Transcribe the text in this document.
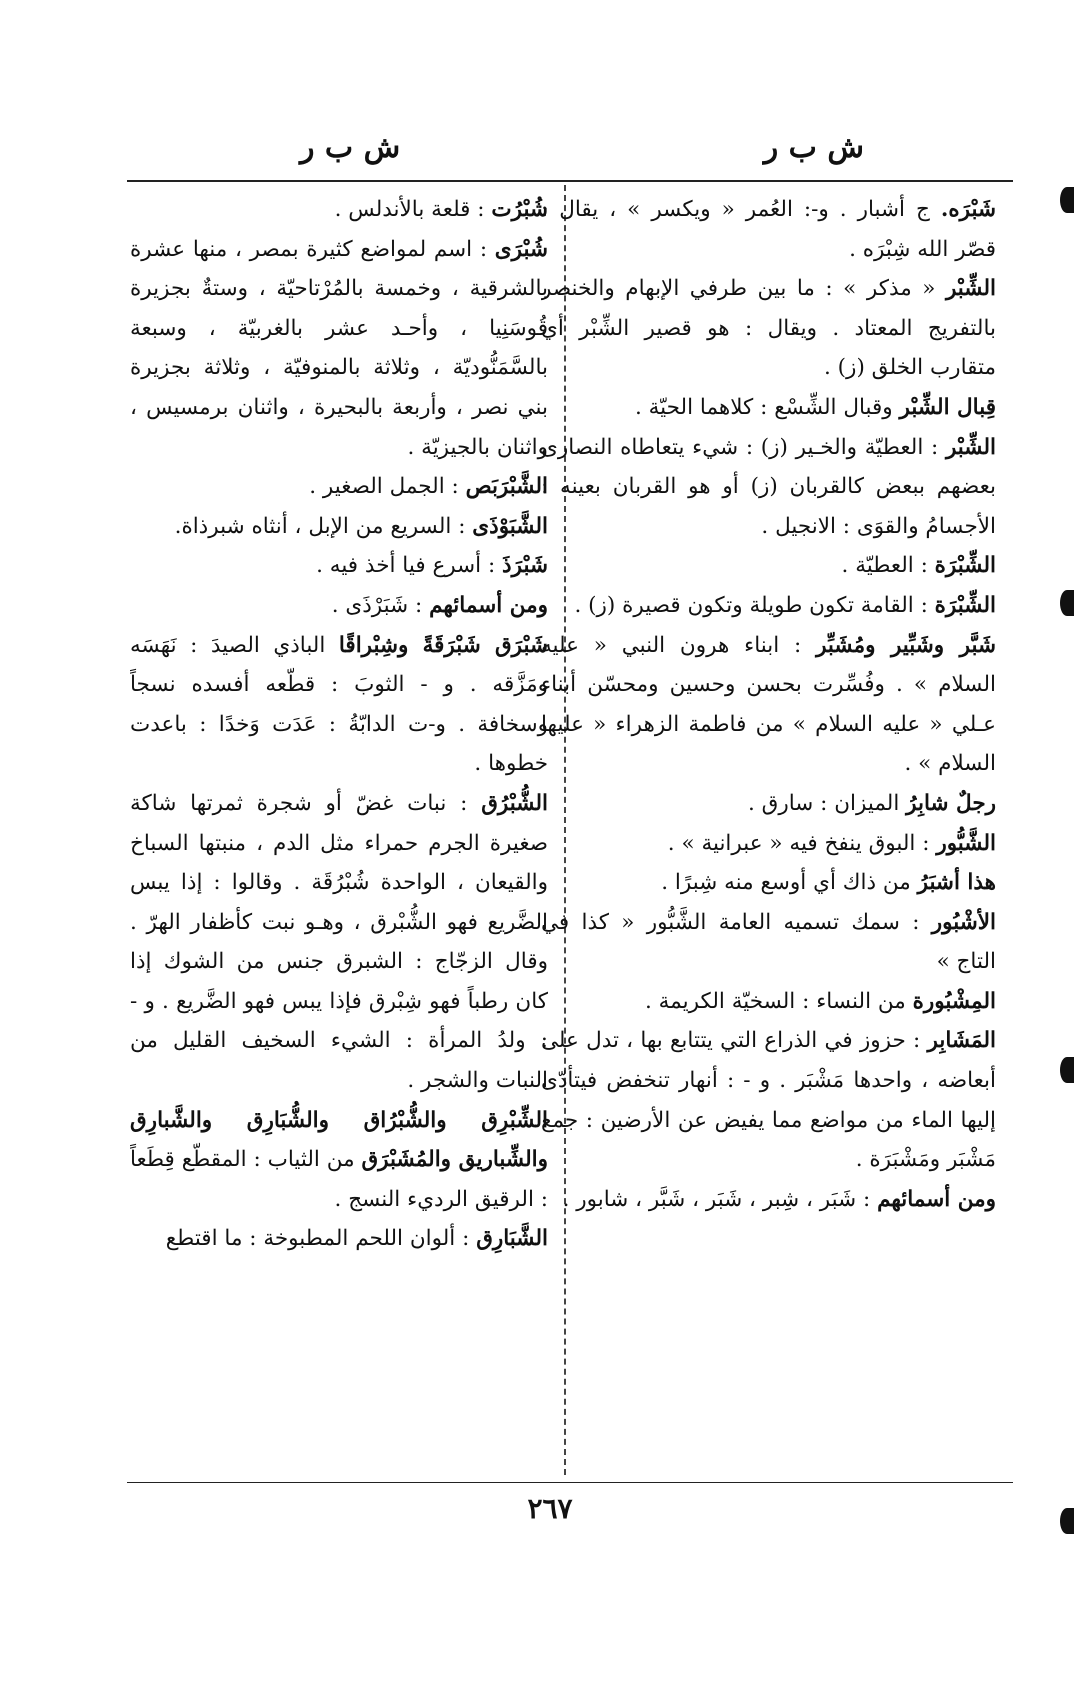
ش ب ر
ش ب ر
شَبْرَه. ج أشبار . و-: العُمر « ويكسر » ، يقال : قصّر الله شِبْرَه .
الشِّبْر « مذكر » : ما بين طرفي الإبهام والخنصر بالتفريج المعتاد . ويقال : هو قصير الشِّبْر أي متقارب الخلق (ز) .
قِبال الشِّبْر وقبال الشِّسْع : كلاهما الحيّة .
الشِّبْر : العطيّة والخـير (ز) : شيء يتعاطاه النصارى بعضهم ببعض كالقربان (ز) أو هو القربان بعينه : الأجسامُ والقوَى : الانجيل .
الشِّبْرَة : العطيّة .
الشِّبْرَة : القامة تكون طويلة وتكون قصيرة (ز) .
شَبَّر وشَبِّير ومُشَبِّر : ابناء هرون النبي « عليه السلام » . وفُسِّرت بحسن وحسين ومحسّن أبناء عـلي « عليه السلام » من فاطمة الزهراء « عليها السلام » .
رجلٌ شابِرُ الميزان : سارق .
الشَّبُّور : البوق ينفخ فيه « عبرانية » .
هذا أشبَرُ من ذاك أي أوسع منه شِبرًا .
الأشْبُور : سمك تسميه العامة الشَّبُّور « كذا في التاج »
المِشْبُورة من النساء : السخيّة الكريمة .
المَشَابِر : حزوز في الذراع التي يتتابع بها ، تدل على أبعاضه ، واحدها مَشْبَر . و - : أنهار تنخفض فيتأدّى إليها الماء من مواضع مما يفيض عن الأرضين : جمع مَشْبَر ومَشْبَرَة .
ومن أسمائهم : شَبَر ، شِبر ، شَبَر ، شَبَّر ، شابور .
شُبْرُت : قلعة بالأندلس .
شُبْرَى : اسم لمواضع كثيرة بمصر ، منها عشرة بالشرقية ، وخمسة بالمُرْتاحيّة ، وستةٌ بجزيرة قُوسَنِيا ، وأحـد عشر بالغربيّة ، وسبعة بالسَّمَنُّوديّة ، وثلاثة بالمنوفيّة ، وثلاثة بجزيرة بني نصر ، وأربعة بالبحيرة ، واثنان برمسيس ، واثنان بالجيزيّة .
الشَّبْرَبَص : الجمل الصغير .
الشَّبَوْذَى : السريع من الإبل ، أنثاه شبرذاة.
شَبْرَذَ : أسرع فيا أخذ فيه .
ومن أسمائهم : شَبَرْذَى .
شَبْرَق شَبْرَقَةً وشِبْراقًا الباذي الصيدَ : نَهَسَه ومَزَّقه . و - الثوبَ : قطّعه أفسده نسجاً وسخافة . و-ت الدابّةُ : عَدَت وَخدًا : باعدت خطوها .
الشُّبْرُق : نبات غضّ أو شجرة ثمرتها شاكة صغيرة الجرم حمراء مثل الدم ، منبتها السباخ والقيعان ، الواحدة شُبْرُقَة . وقالوا : إذا يبس الضَّريع فهو الشُّبْرق ، وهـو نبت كأظفار الهرّ . وقال الزجّاج : الشبرق جنس من الشوك إذا كان رطباً فهو شِبْرق فإذا يبس فهو الضَّريع . و - : ولدُ المرأة : الشيء السخيف القليل من النبات والشجر .
الشِّبْرِق والشُّبْرُاق والشُّبَارِق والشَّبارِق والشِّباريق والمُشَبْرَق من الثياب : المقطّع قِطَعاً : الرقيق الرديء النسج .
الشَّبَارِق : ألوان اللحم المطبوخة : ما اقتطع
٢٦٧
